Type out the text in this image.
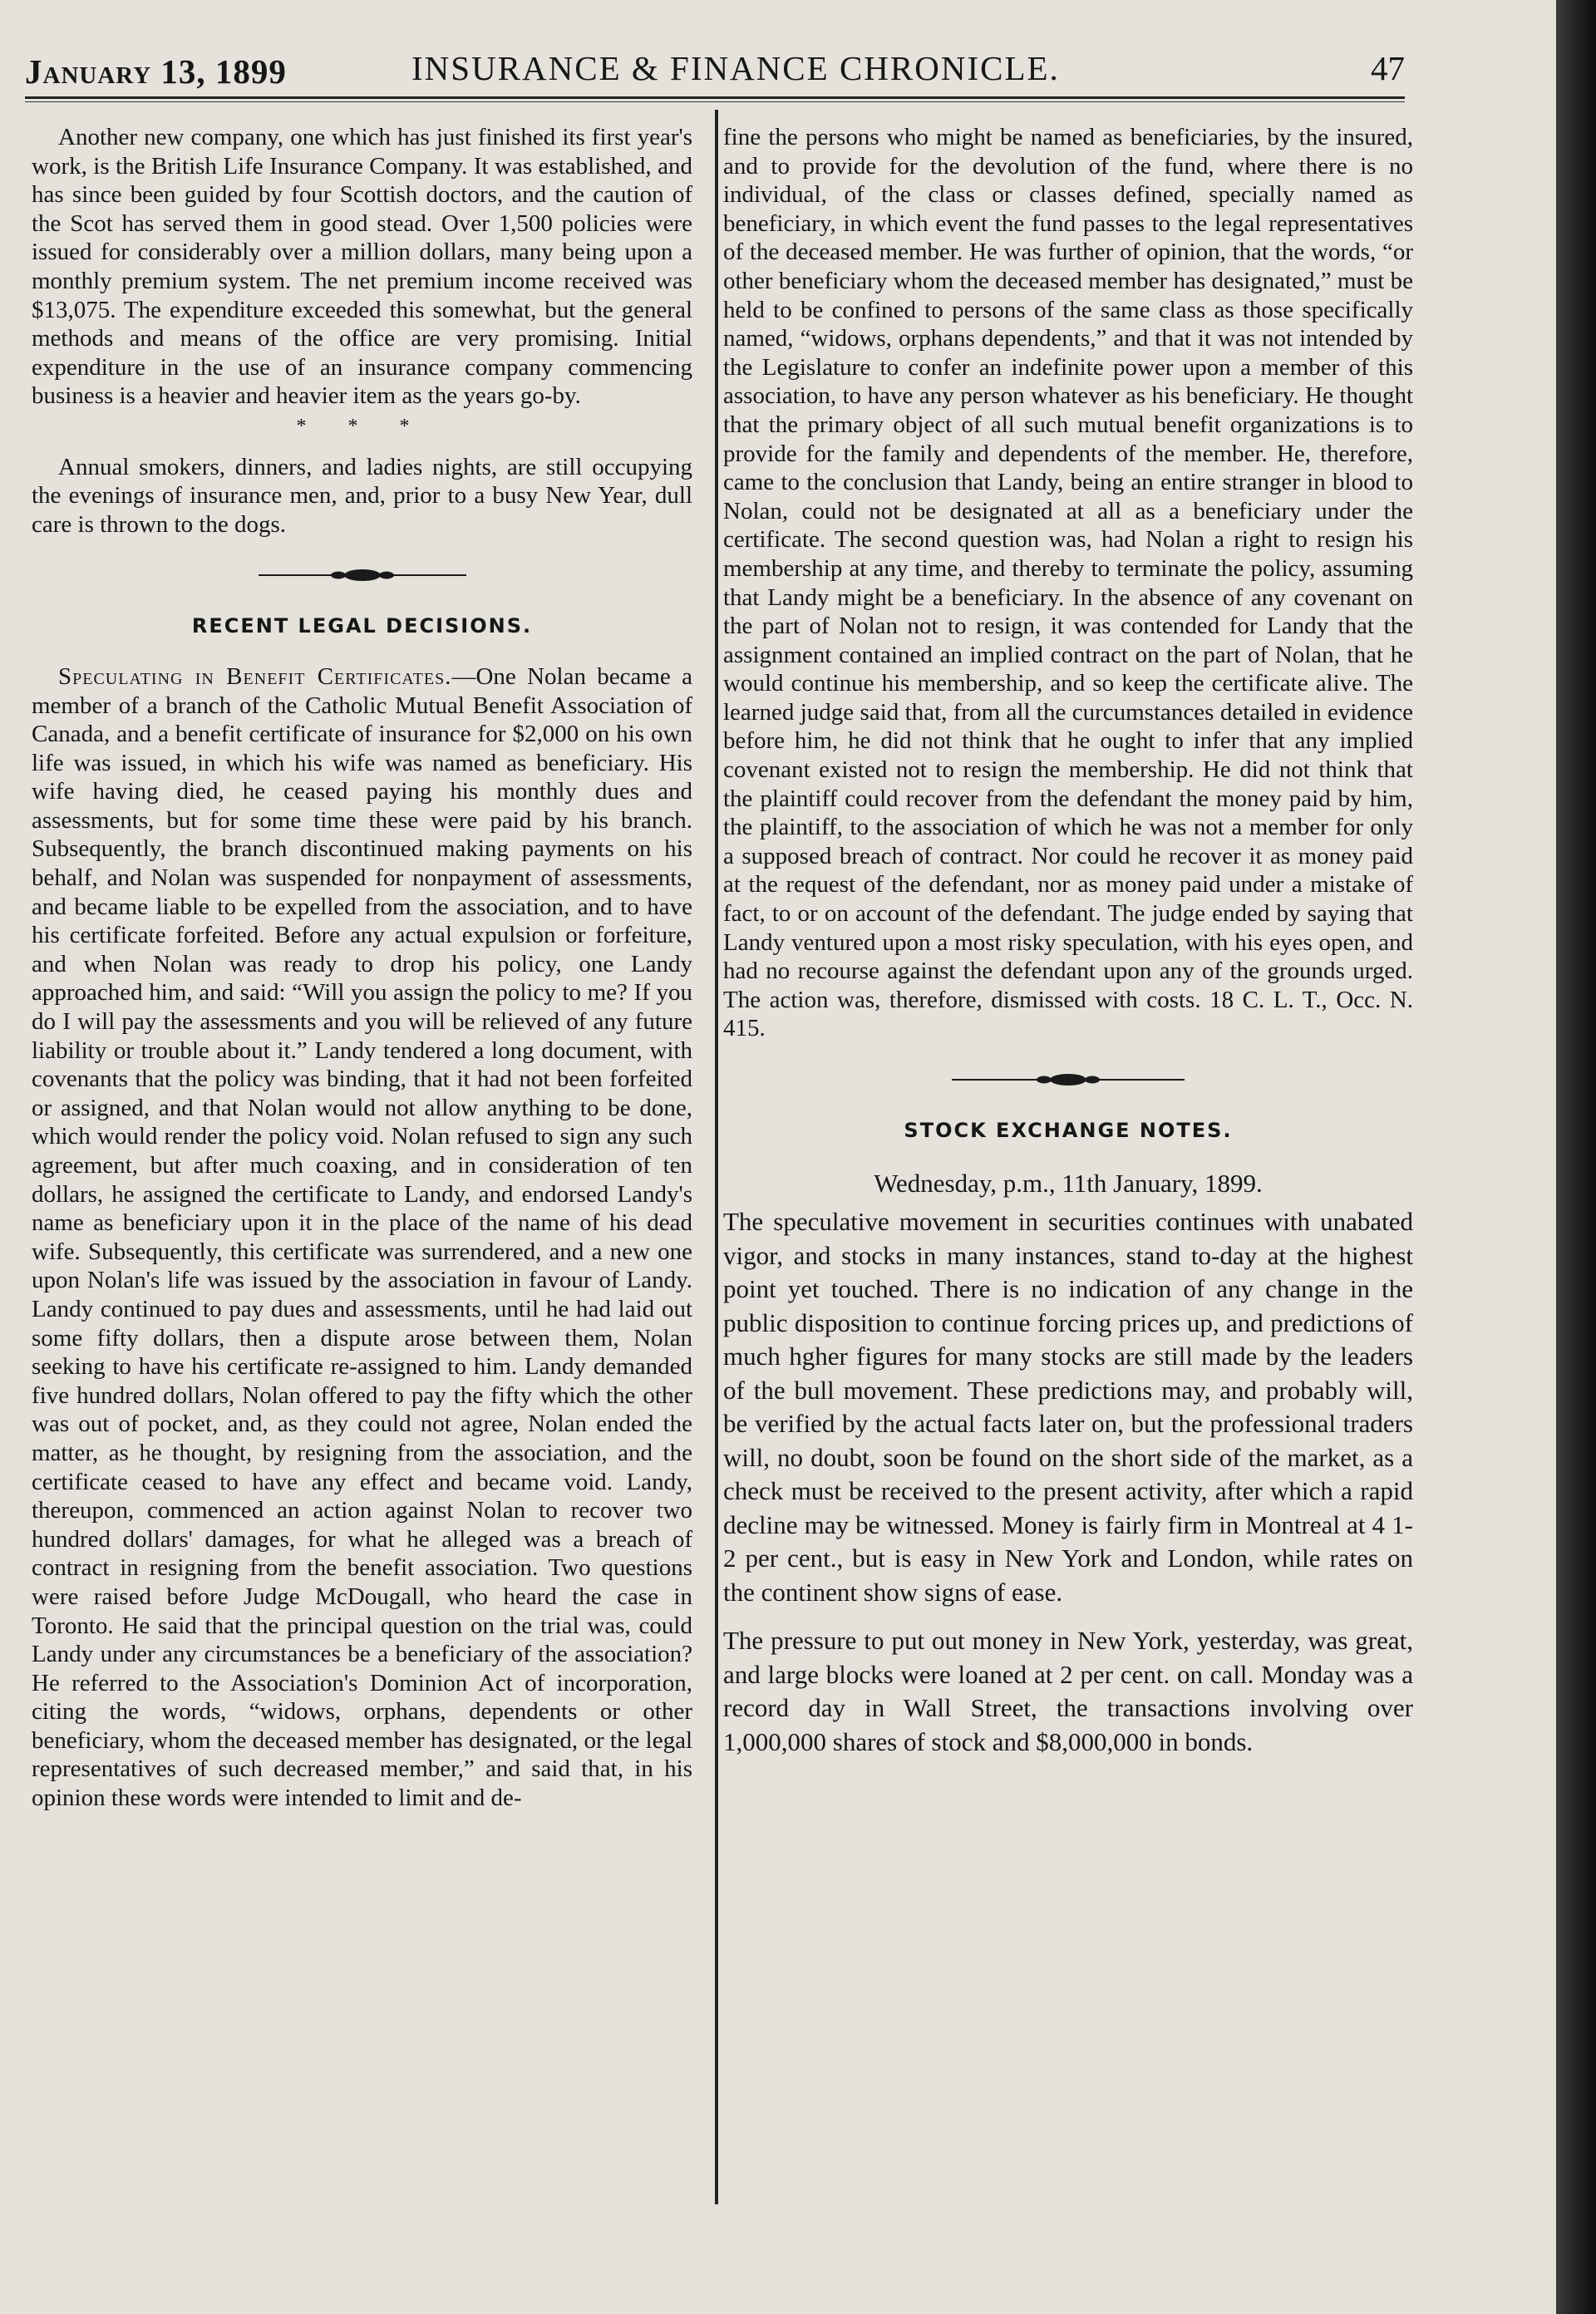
January 13, 1899	INSURANCE & FINANCE CHRONICLE.	47

Another new company, one which has just finished its first year's work, is the British Life Insurance Company. It was established, and has since been guided by four Scottish doctors, and the caution of the Scot has served them in good stead. Over 1,500 policies were issued for considerably over a million dollars, many being upon a monthly premium system. The net premium income received was $13,075. The expenditure exceeded this somewhat, but the general methods and means of the office are very promising. Initial expenditure in the use of an insurance company commencing business is a heavier and heavier item as the years go-by.

* * *

Annual smokers, dinners, and ladies nights, are still occupying the evenings of insurance men, and, prior to a busy New Year, dull care is thrown to the dogs.

RECENT LEGAL DECISIONS.

Speculating in Benefit Certificates.—One Nolan became a member of a branch of the Catholic Mutual Benefit Association of Canada, and a benefit certificate of insurance for $2,000 on his own life was issued, in which his wife was named as beneficiary. His wife having died, he ceased paying his monthly dues and assessments, but for some time these were paid by his branch. Subsequently, the branch discontinued making payments on his behalf, and Nolan was suspended for nonpayment of assessments, and became liable to be expelled from the association, and to have his certificate forfeited. Before any actual expulsion or forfeiture, and when Nolan was ready to drop his policy, one Landy approached him, and said: “Will you assign the policy to me? If you do I will pay the assessments and you will be relieved of any future liability or trouble about it.” Landy tendered a long document, with covenants that the policy was binding, that it had not been forfeited or assigned, and that Nolan would not allow anything to be done, which would render the policy void. Nolan refused to sign any such agreement, but after much coaxing, and in consideration of ten dollars, he assigned the certificate to Landy, and endorsed Landy's name as beneficiary upon it in the place of the name of his dead wife. Subsequently, this certificate was surrendered, and a new one upon Nolan's life was issued by the association in favour of Landy. Landy continued to pay dues and assessments, until he had laid out some fifty dollars, then a dispute arose between them, Nolan seeking to have his certificate re-assigned to him. Landy demanded five hundred dollars, Nolan offered to pay the fifty which the other was out of pocket, and, as they could not agree, Nolan ended the matter, as he thought, by resigning from the association, and the certificate ceased to have any effect and became void. Landy, thereupon, commenced an action against Nolan to recover two hundred dollars' damages, for what he alleged was a breach of contract in resigning from the benefit association. Two questions were raised before Judge McDougall, who heard the case in Toronto. He said that the principal question on the trial was, could Landy under any circumstances be a beneficiary of the association? He referred to the Association's Dominion Act of incorporation, citing the words, “widows, orphans, dependents or other beneficiary, whom the deceased member has designated, or the legal representatives of such decreased member,” and said that, in his opinion these words were intended to limit and de-

fine the persons who might be named as beneficiaries, by the insured, and to provide for the devolution of the fund, where there is no individual, of the class or classes defined, specially named as beneficiary, in which event the fund passes to the legal representatives of the deceased member. He was further of opinion, that the words, “or other beneficiary whom the deceased member has designated,” must be held to be confined to persons of the same class as those specifically named, “widows, orphans dependents,” and that it was not intended by the Legislature to confer an indefinite power upon a member of this association, to have any person whatever as his beneficiary. He thought that the primary object of all such mutual benefit organizations is to provide for the family and dependents of the member. He, therefore, came to the conclusion that Landy, being an entire stranger in blood to Nolan, could not be designated at all as a beneficiary under the certificate. The second question was, had Nolan a right to resign his membership at any time, and thereby to terminate the policy, assuming that Landy might be a beneficiary. In the absence of any covenant on the part of Nolan not to resign, it was contended for Landy that the assignment contained an implied contract on the part of Nolan, that he would continue his membership, and so keep the certificate alive. The learned judge said that, from all the curcumstances detailed in evidence before him, he did not think that he ought to infer that any implied covenant existed not to resign the membership. He did not think that the plaintiff could recover from the defendant the money paid by him, the plaintiff, to the association of which he was not a member for only a supposed breach of contract. Nor could he recover it as money paid at the request of the defendant, nor as money paid under a mistake of fact, to or on account of the defendant. The judge ended by saying that Landy ventured upon a most risky speculation, with his eyes open, and had no recourse against the defendant upon any of the grounds urged. The action was, therefore, dismissed with costs. 18 C. L. T., Occ. N. 415.

STOCK EXCHANGE NOTES.
Wednesday, p.m., 11th January, 1899.

The speculative movement in securities continues with unabated vigor, and stocks in many instances, stand to-day at the highest point yet touched. There is no indication of any change in the public disposition to continue forcing prices up, and predictions of much hgher figures for many stocks are still made by the leaders of the bull movement. These predictions may, and probably will, be verified by the actual facts later on, but the professional traders will, no doubt, soon be found on the short side of the market, as a check must be received to the present activity, after which a rapid decline may be witnessed. Money is fairly firm in Montreal at 4 1-2 per cent., but is easy in New York and London, while rates on the continent show signs of ease.

The pressure to put out money in New York, yesterday, was great, and large blocks were loaned at 2 per cent. on call. Monday was a record day in Wall Street, the transactions involving over 1,000,000 shares of stock and $8,000,000 in bonds.
